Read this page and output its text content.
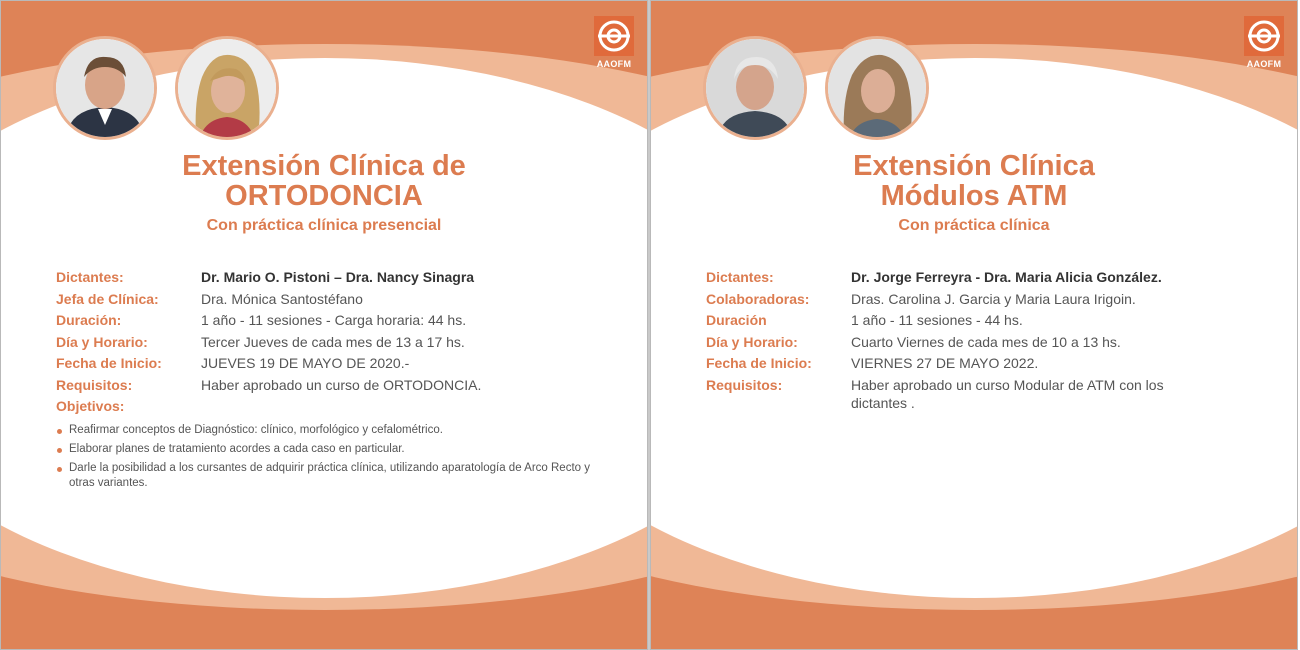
AAOFM
Extensión Clínica de
ORTODONCIA
Con práctica clínica presencial
Dictantes:	Dr. Mario O. Pistoni – Dra. Nancy Sinagra
Jefa de Clínica:	Dra. Mónica Santostéfano
Duración:	1 año - 11 sesiones - Carga horaria: 44 hs.
Día y Horario:	Tercer Jueves de cada mes de 13 a 17 hs.
Fecha de Inicio:	JUEVES 19 DE MAYO DE 2020.-
Requisitos:	Haber aprobado un curso de ORTODONCIA.
Objetivos:
Reafirmar conceptos de Diagnóstico: clínico, morfológico y cefalométrico.
Elaborar planes de tratamiento acordes a cada caso en particular.
Darle la posibilidad a los cursantes de adquirir práctica clínica, utilizando aparatología de Arco Recto y otras variantes.
AAOFM
Extensión Clínica
Módulos ATM
Con práctica clínica
Dictantes:	Dr. Jorge Ferreyra - Dra. Maria Alicia González.
Colaboradoras:	Dras. Carolina J. Garcia y Maria Laura Irigoin.
Duración	1 año - 11 sesiones - 44 hs.
Día y Horario:	Cuarto Viernes de cada mes de 10 a 13 hs.
Fecha de Inicio:	VIERNES 27 DE MAYO 2022.
Requisitos:	Haber aprobado un curso Modular de ATM con los dictantes .
